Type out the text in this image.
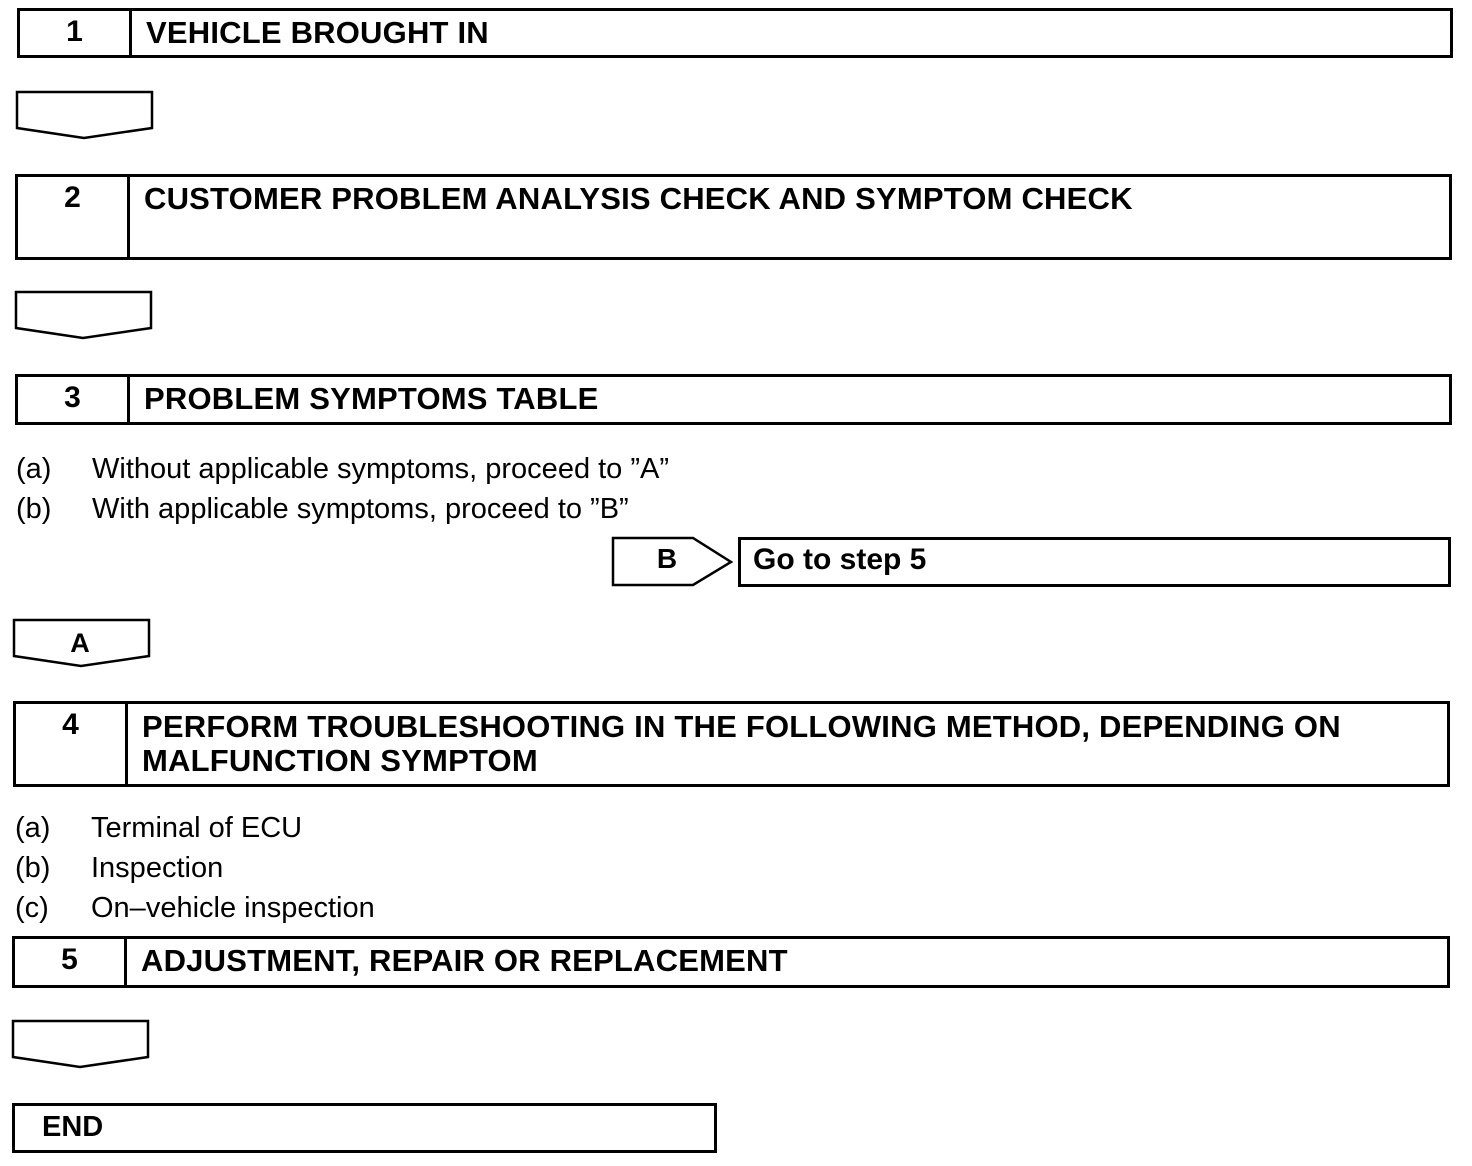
1	VEHICLE BROUGHT IN
2	CUSTOMER PROBLEM ANALYSIS CHECK AND SYMPTOM CHECK
3	PROBLEM SYMPTOMS TABLE
(a)	Without applicable symptoms, proceed to ”A”
(b)	With applicable symptoms, proceed to ”B”
B	Go to step 5
A
4	PERFORM TROUBLESHOOTING IN THE FOLLOWING METHOD, DEPENDING ON MALFUNCTION SYMPTOM
(a)	Terminal of ECU
(b)	Inspection
(c)	On–vehicle inspection
5	ADJUSTMENT, REPAIR OR REPLACEMENT
END
